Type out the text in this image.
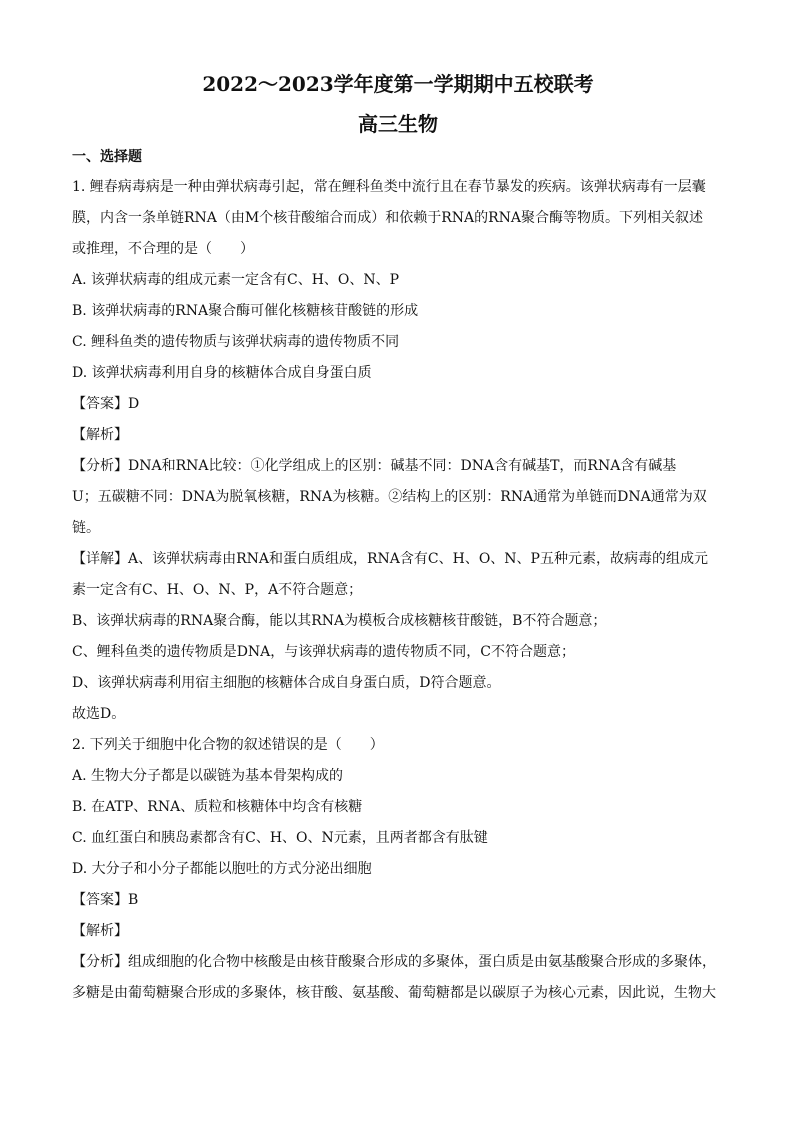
2022～2023学年度第一学期期中五校联考
高三生物
一、选择题
1. 鲤春病毒病是一种由弹状病毒引起，常在鲤科鱼类中流行且在春节暴发的疾病。该弹状病毒有一层囊
膜，内含一条单链RNA（由M个核苷酸缩合而成）和依赖于RNA的RNA聚合酶等物质。下列相关叙述
或推理，不合理的是（　　）
A. 该弹状病毒的组成元素一定含有C、H、O、N、P
B. 该弹状病毒的RNA聚合酶可催化核糖核苷酸链的形成
C. 鲤科鱼类的遗传物质与该弹状病毒的遗传物质不同
D. 该弹状病毒利用自身的核糖体合成自身蛋白质
【答案】D
【解析】
【分析】DNA和RNA比较：①化学组成上的区别：碱基不同：DNA含有碱基T，而RNA含有碱基
U；五碳糖不同：DNA为脱氧核糖，RNA为核糖。②结构上的区别：RNA通常为单链而DNA通常为双
链。
【详解】A、该弹状病毒由RNA和蛋白质组成，RNA含有C、H、O、N、P五种元素，故病毒的组成元
素一定含有C、H、O、N、P，A不符合题意；
B、该弹状病毒的RNA聚合酶，能以其RNA为模板合成核糖核苷酸链，B不符合题意；
C、鲤科鱼类的遗传物质是DNA，与该弹状病毒的遗传物质不同，C不符合题意；
D、该弹状病毒利用宿主细胞的核糖体合成自身蛋白质，D符合题意。
故选D。
2. 下列关于细胞中化合物的叙述错误的是（　　）
A. 生物大分子都是以碳链为基本骨架构成的
B. 在ATP、RNA、质粒和核糖体中均含有核糖
C. 血红蛋白和胰岛素都含有C、H、O、N元素，且两者都含有肽键
D. 大分子和小分子都能以胞吐的方式分泌出细胞
【答案】B
【解析】
【分析】组成细胞的化合物中核酸是由核苷酸聚合形成的多聚体，蛋白质是由氨基酸聚合形成的多聚体，
多糖是由葡萄糖聚合形成的多聚体，核苷酸、氨基酸、葡萄糖都是以碳原子为核心元素，因此说，生物大
